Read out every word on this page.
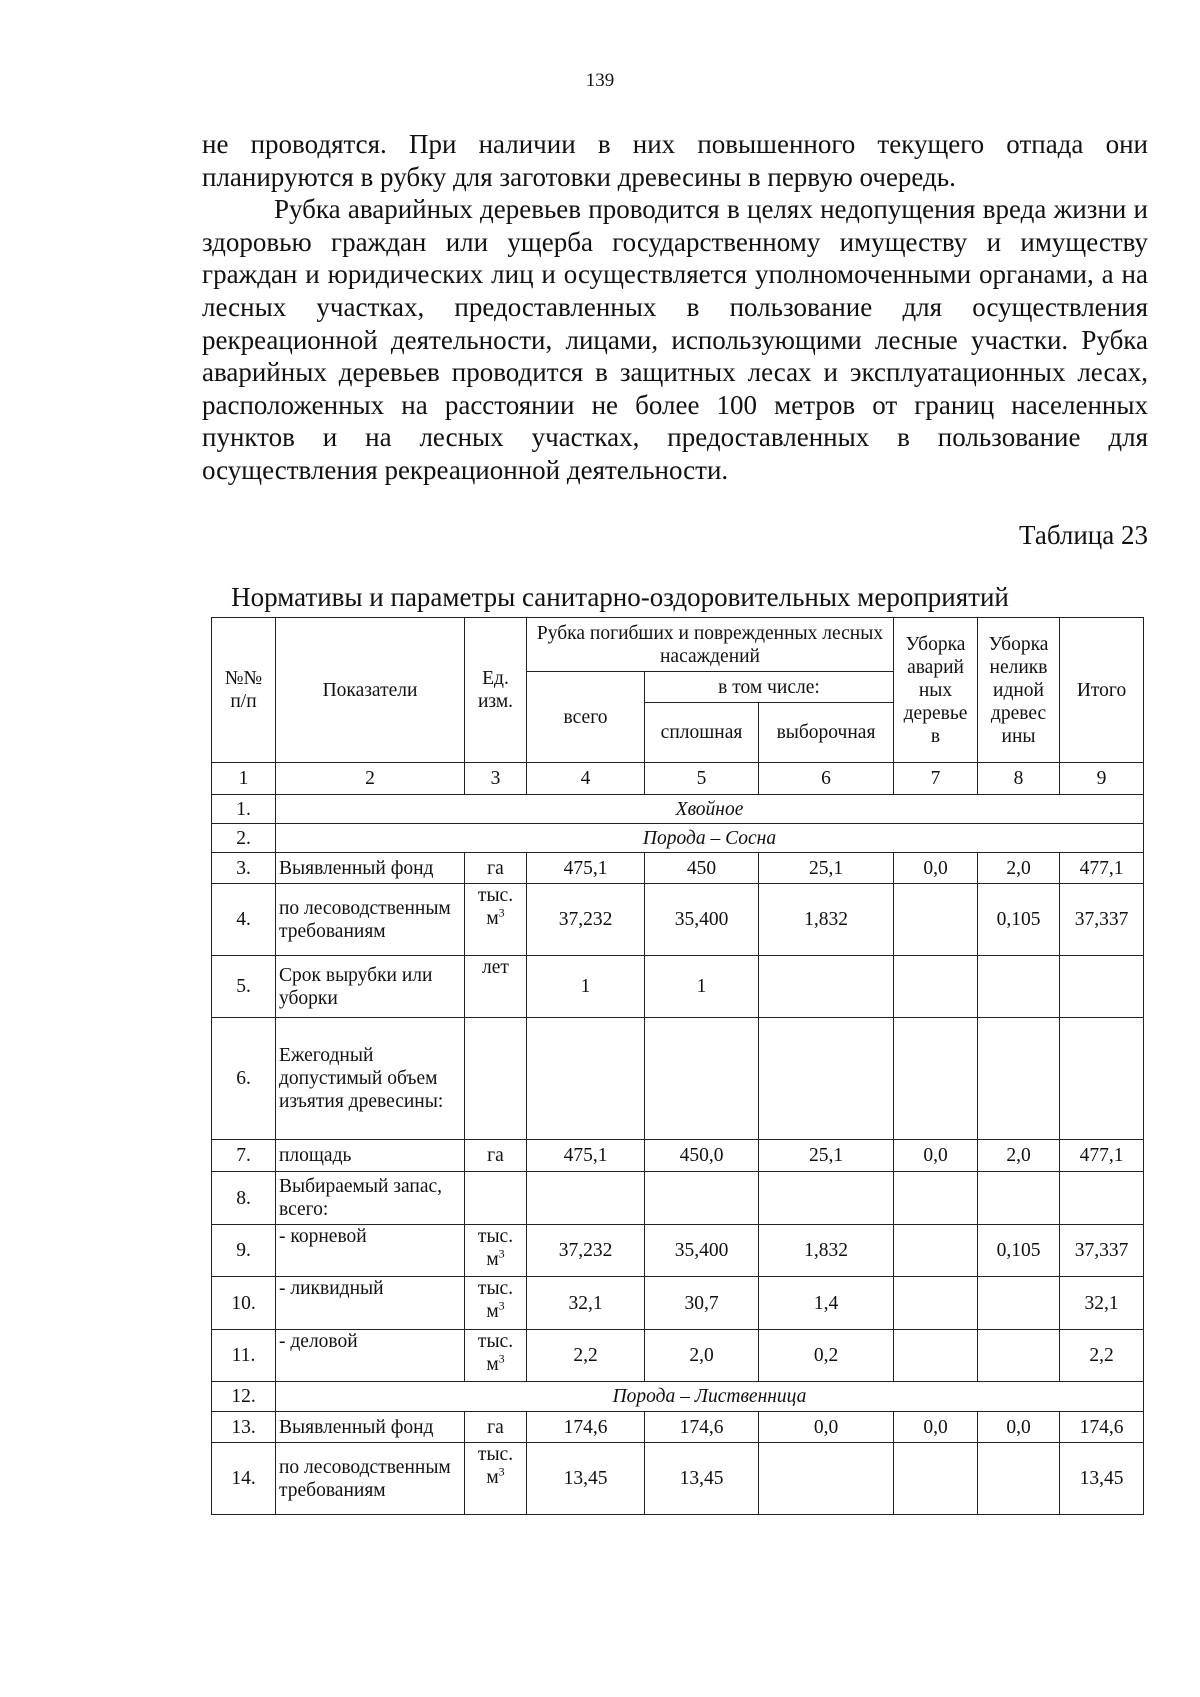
139

не проводятся. При наличии в них повышенного текущего отпада они планируются в рубку для заготовки древесины в первую очередь.

Рубка аварийных деревьев проводится в целях недопущения вреда жизни и здоровью граждан или ущерба государственному имуществу и имуществу граждан и юридических лиц и осуществляется уполномоченными органами, а на лесных участках, предоставленных в пользование для осуществления рекреационной деятельности, лицами, использующими лесные участки. Рубка аварийных деревьев проводится в защитных лесах и эксплуатационных лесах, расположенных на расстоянии не более 100 метров от границ населенных пунктов и на лесных участках, предоставленных в пользование для осуществления рекреационной деятельности.

Таблица 23
Нормативы и параметры санитарно-оздоровительных мероприятий
№№ п/п	Показатели	Ед. изм.	Рубка погибших и поврежденных лесных насаждений			Уборка аварий ных деревье в	Уборка неликв идной древес ины	Итого
			всего	в том числе:				
				сплошная	выборочная			
1	2	3	4	5	6	7	8	9
1.	Хвойное							
2.	Порода – Сосна							
3.	Выявленный фонд	га	475,1	450	25,1	0,0	2,0	477,1
4.	по лесоводственным требованиям	тыс. $м^3$	37,232	35,400	1,832		0,105	37,337
5.	Срок вырубки или уборки	лет	1	1				
6.	Ежегодный допустимый объем изъятия древесины:							
7.	площадь	га	475,1	450,0	25,1	0,0	2,0	477,1
8.	Выбираемый запас, всего:							
9.	- корневой	тыс. $м^3$	37,232	35,400	1,832		0,105	37,337
10.	- ликвидный	тыс. $м^3$	32,1	30,7	1,4			32,1
11.	- деловой	тыс. $м^3$	2,2	2,0	0,2			2,2
12.	Порода – Лиственница							
13.	Выявленный фонд	га	174,6	174,6	0,0	0,0	0,0	174,6
14.	по лесоводственным требованиям	тыс. $м^3$	13,45	13,45				13,45
